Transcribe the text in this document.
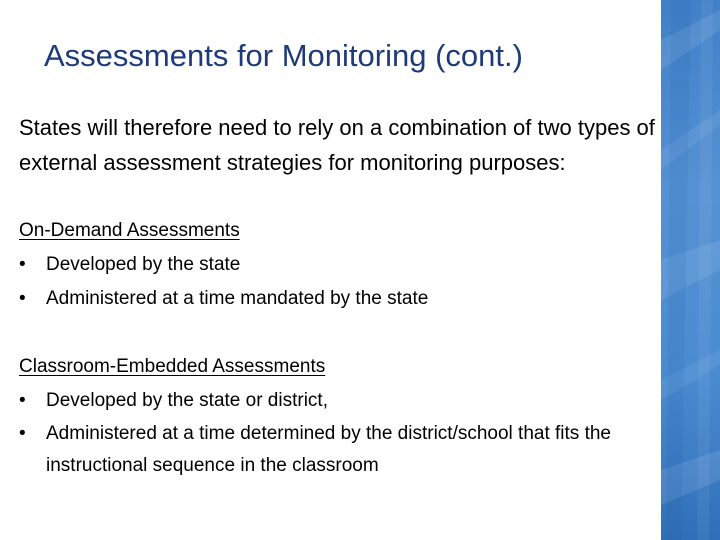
Assessments for Monitoring (cont.)

States will therefore need to rely on a combination of two types of external assessment strategies for monitoring purposes:

On-Demand Assessments
• Developed by the state
• Administered at a time mandated by the state
Classroom-Embedded Assessments
• Developed by the state or district,
• Administered at a time determined by the district/school that fits the instructional sequence in the classroom
